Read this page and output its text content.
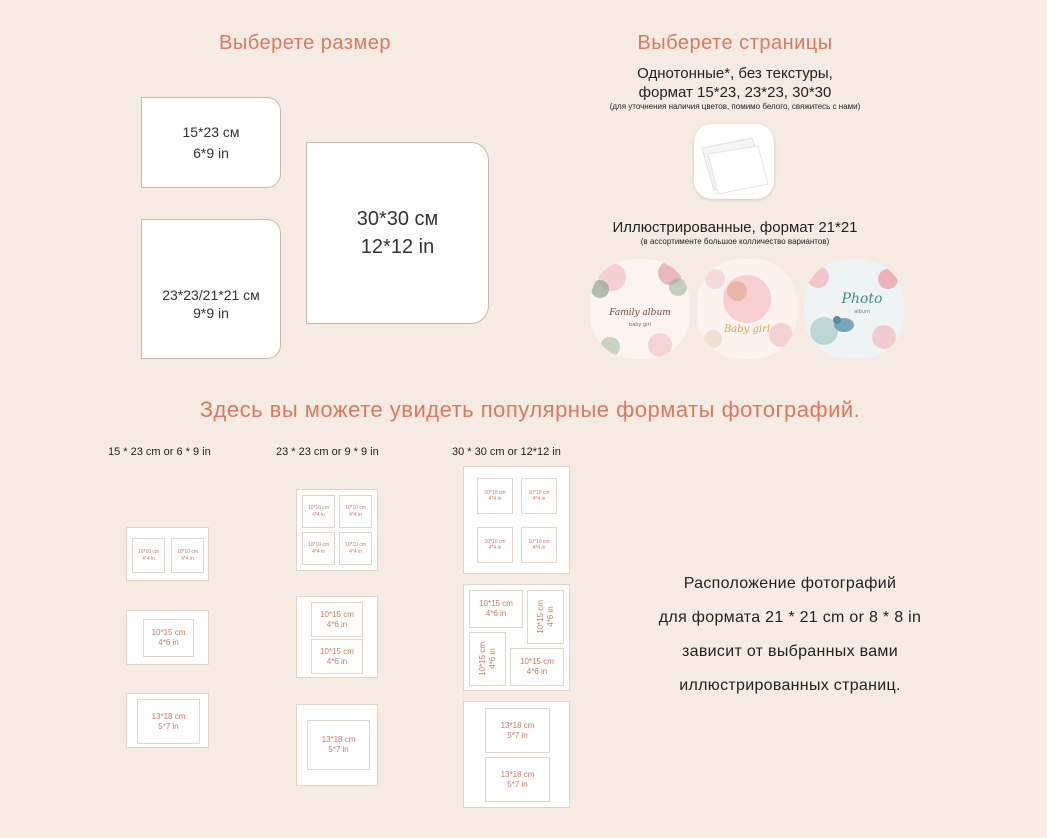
Выберете размер	Выберете страницы
15*23 см
6*9 in
23*23/21*21 см
9*9 in
30*30 см
12*12 in
Однотонные*, без текстуры,
формат 15*23, 23*23, 30*30
(для уточнения наличия цветов, помимо белого, свяжитесь с нами)
Иллюстрированные, формат 21*21
(в ассортименте большое колличество вариантов)
Family album
baby girl	Baby girl
Photo
album
Здесь вы можете увидеть популярные форматы фотографий.
15 * 23 cm or 6 * 9 in	23 * 23 cm or 9 * 9 in	30 * 30 cm or 12*12 in
10*10 cm
4*4 in
10*10 cm
4*4 in
10*15 cm
4*6 in
13*18 cm
5*7 in
10*10 cm
4*4 in
10*10 cm
4*4 in
10*10 cm
4*4 in
10*10 cm
4*4 in
10*15 cm
4*6 in
10*15 cm
4*6 in
13*18 cm
5*7 in
10*10 cm
4*4 in
10*10 cm
4*4 in
10*10 cm
4*4 in
10*10 cm
4*4 in
10*15 cm
4*6 in	10*15 cm 4*6 in
10*15 cm 4*6 in	10*15 cm
4*6 in
13*18 cm
5*7 in
13*18 cm
5*7 in
Расположение фотографий
для формата 21 * 21 cm or 8 * 8 in
зависит от выбранных вами
иллюстрированных страниц.
